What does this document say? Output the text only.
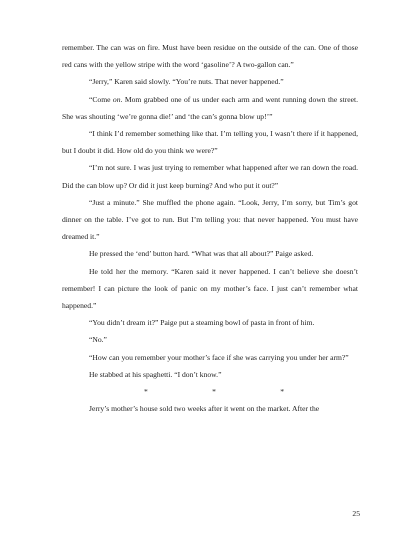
remember. The can was on fire. Must have been residue on the outside of the can. One of those red cans with the yellow stripe with the word ‘gasoline’? A two-gallon can.”

“Jerry,” Karen said slowly. “You’re nuts. That never happened.”

“Come on. Mom grabbed one of us under each arm and went running down the street. She was shouting ‘we’re gonna die!’ and ‘the can’s gonna blow up!’”

“I think I’d remember something like that. I’m telling you, I wasn’t there if it happened, but I doubt it did. How old do you think we were?”

“I’m not sure. I was just trying to remember what happened after we ran down the road. Did the can blow up? Or did it just keep burning? And who put it out?”

“Just a minute.” She muffled the phone again. “Look, Jerry, I’m sorry, but Tim’s got dinner on the table. I’ve got to run. But I’m telling you: that never happened. You must have dreamed it.”

He pressed the ‘end’ button hard. “What was that all about?” Paige asked.

He told her the memory. “Karen said it never happened. I can’t believe she doesn’t remember! I can picture the look of panic on my mother’s face. I just can’t remember what happened.”

“You didn’t dream it?” Paige put a steaming bowl of pasta in front of him.

“No.”

“How can you remember your mother’s face if she was carrying you under her arm?”

He stabbed at his spaghetti. “I don’t know.”

*	*	*

Jerry’s mother’s house sold two weeks after it went on the market. After the

25
